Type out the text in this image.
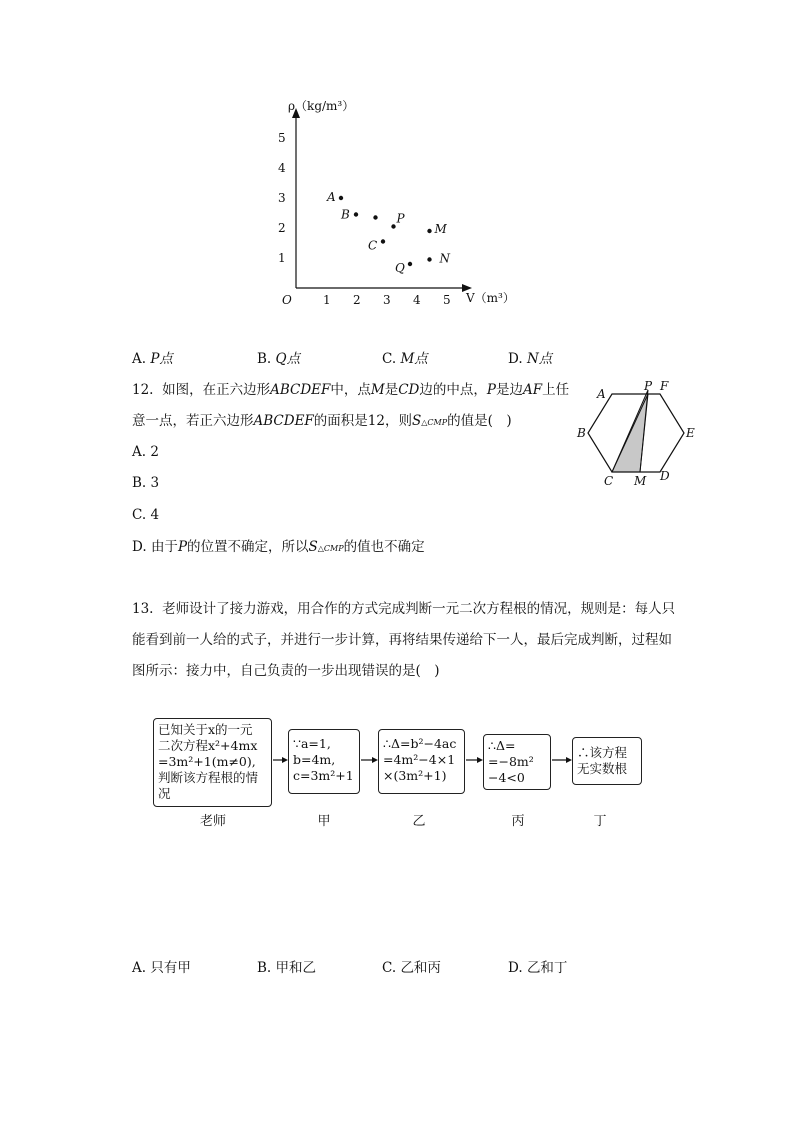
ρ（kg/m³）
V（m³）
O	1 2 3 4 5
1
2
3
4
5
A
B	P
M
C
Q
N
A. P点	B. Q点	C. M点	D. N点
12. 如图，在正六边形ABCDEF中，点M是CD边的中点，P是边AF上任
意一点，若正六边形ABCDEF的面积是12，则S△CMP的值是(　)
A. 2
B. 3
C. 4
D. 由于P的位置不确定，所以S△CMP的值也不确定
A
P F
B	E
C M D
13. 老师设计了接力游戏，用合作的方式完成判断一元二次方程根的情况，规则是：每人只
能看到前一人给的式子，并进行一步计算，再将结果传递给下一人，最后完成判断，过程如
图所示：接力中，自己负责的一步出现错误的是(　)
已知关于x的一元
二次方程x²+4mx
=3m²+1(m≠0),
判断该方程根的情
况
∵a=1,
b=4m,
c=3m²+1
∴Δ=b²−4ac
=4m²−4×1
×(3m²+1)
∴Δ=
=−8m²
−4<0
∴该方程
无实数根
老师	甲	乙	丙	丁
A. 只有甲	B. 甲和乙	C. 乙和丙	D. 乙和丁
